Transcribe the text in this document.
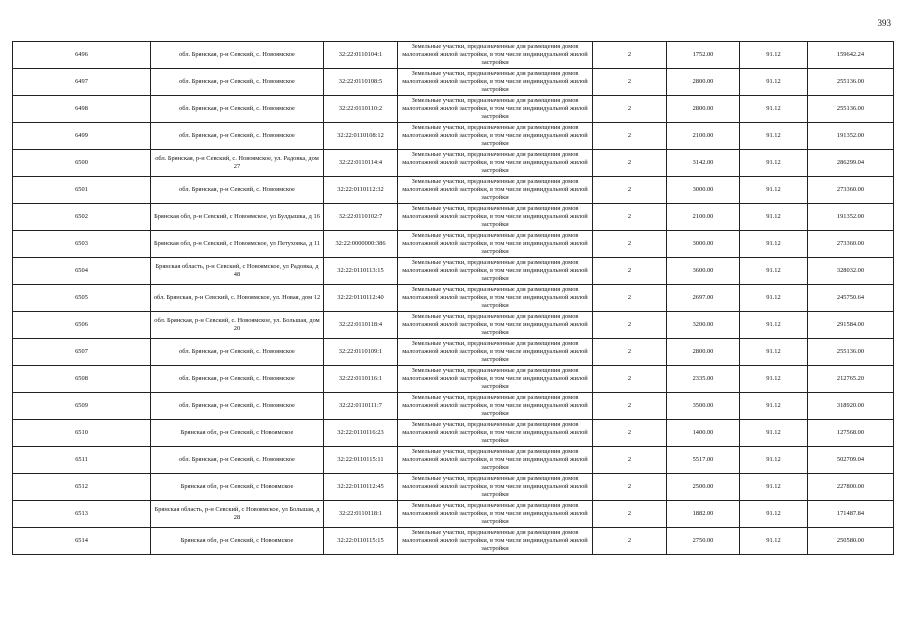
393
6496	обл. Брянская, р-н Севский, с. Новоямское	32:22:0110104:1	Земельные участки, предназначенные для размещения домов малоэтажной жилой застройки, в том числе индивидуальной жилой застройки	2	1752.00	91.12	159642.24
6497	обл. Брянская, р-н Севский, с. Новоямское	32:22:0110108:5	Земельные участки, предназначенные для размещения домов малоэтажной жилой застройки, в том числе индивидуальной жилой застройки	2	2800.00	91.12	255136.00
6498	обл. Брянская, р-н Севский, с. Новоямское	32:22:0110110:2	Земельные участки, предназначенные для размещения домов малоэтажной жилой застройки, в том числе индивидуальной жилой застройки	2	2800.00	91.12	255136.00
6499	обл. Брянская, р-н Севский, с. Новоямское	32:22:0110108:12	Земельные участки, предназначенные для размещения домов малоэтажной жилой застройки, в том числе индивидуальной жилой застройки	2	2100.00	91.12	191352.00
6500	обл. Брянская, р-н Севский, с. Новоямское, ул. Радовка, дом 27	32:22:0110114:4	Земельные участки, предназначенные для размещения домов малоэтажной жилой застройки, в том числе индивидуальной жилой застройки	2	3142.00	91.12	286299.04
6501	обл. Брянская, р-н Севский, с. Новоямское	32:22:0110112:32	Земельные участки, предназначенные для размещения домов малоэтажной жилой застройки, в том числе индивидуальной жилой застройки	2	3000.00	91.12	273360.00
6502	Брянская обл, р-н Севский, с Новоямское, ул Булдышка, д 16	32:22:0110102:7	Земельные участки, предназначенные для размещения домов малоэтажной жилой застройки, в том числе индивидуальной жилой застройки	2	2100.00	91.12	191352.00
6503	Брянская обл, р-н Севский, с Новоямское, ул Петуховка, д 11	32:22:0000000:386	Земельные участки, предназначенные для размещения домов малоэтажной жилой застройки, в том числе индивидуальной жилой застройки	2	3000.00	91.12	273360.00
6504	Брянская область, р-н Севский, с Новоямское, ул Радовка, д 48	32:22:0110113:15	Земельные участки, предназначенные для размещения домов малоэтажной жилой застройки, в том числе индивидуальной жилой застройки	2	3600.00	91.12	328032.00
6505	обл. Брянская, р-н Севский, с. Новоямское, ул. Новая, дом 12	32:22:0110112:40	Земельные участки, предназначенные для размещения домов малоэтажной жилой застройки, в том числе индивидуальной жилой застройки	2	2697.00	91.12	245750.64
6506	обл. Брянская, р-н Севский, с. Новоямское, ул. Большая, дом 20	32:22:0110118:4	Земельные участки, предназначенные для размещения домов малоэтажной жилой застройки, в том числе индивидуальной жилой застройки	2	3200.00	91.12	291584.00
6507	обл. Брянская, р-н Севский, с. Новоямское	32:22:0110109:1	Земельные участки, предназначенные для размещения домов малоэтажной жилой застройки, в том числе индивидуальной жилой застройки	2	2800.00	91.12	255136.00
6508	обл. Брянская, р-н Севский, с. Новоямское	32:22:0110116:1	Земельные участки, предназначенные для размещения домов малоэтажной жилой застройки, в том числе индивидуальной жилой застройки	2	2335.00	91.12	212765.20
6509	обл. Брянская, р-н Севский, с. Новоямское	32:22:0110111:7	Земельные участки, предназначенные для размещения домов малоэтажной жилой застройки, в том числе индивидуальной жилой застройки	2	3500.00	91.12	318920.00
6510	Брянская обл, р-н Севский, с Новоямское	32:22:0110116:23	Земельные участки, предназначенные для размещения домов малоэтажной жилой застройки, в том числе индивидуальной жилой застройки	2	1400.00	91.12	127568.00
6511	обл. Брянская, р-н Севский, с. Новоямское	32:22:0110115:11	Земельные участки, предназначенные для размещения домов малоэтажной жилой застройки, в том числе индивидуальной жилой застройки	2	5517.00	91.12	502709.04
6512	Брянская обл, р-н Севский, с Новоямское	32:22:0110112:45	Земельные участки, предназначенные для размещения домов малоэтажной жилой застройки, в том числе индивидуальной жилой застройки	2	2500.00	91.12	227800.00
6513	Брянская область, р-н Севский, с Новоямское, ул Большая, д 28	32:22:0110118:1	Земельные участки, предназначенные для размещения домов малоэтажной жилой застройки, в том числе индивидуальной жилой застройки	2	1882.00	91.12	171487.84
6514	Брянская обл, р-н Севский, с Новоямское	32:22:0110115:15	Земельные участки, предназначенные для размещения домов малоэтажной жилой застройки, в том числе индивидуальной жилой застройки	2	2750.00	91.12	250580.00
